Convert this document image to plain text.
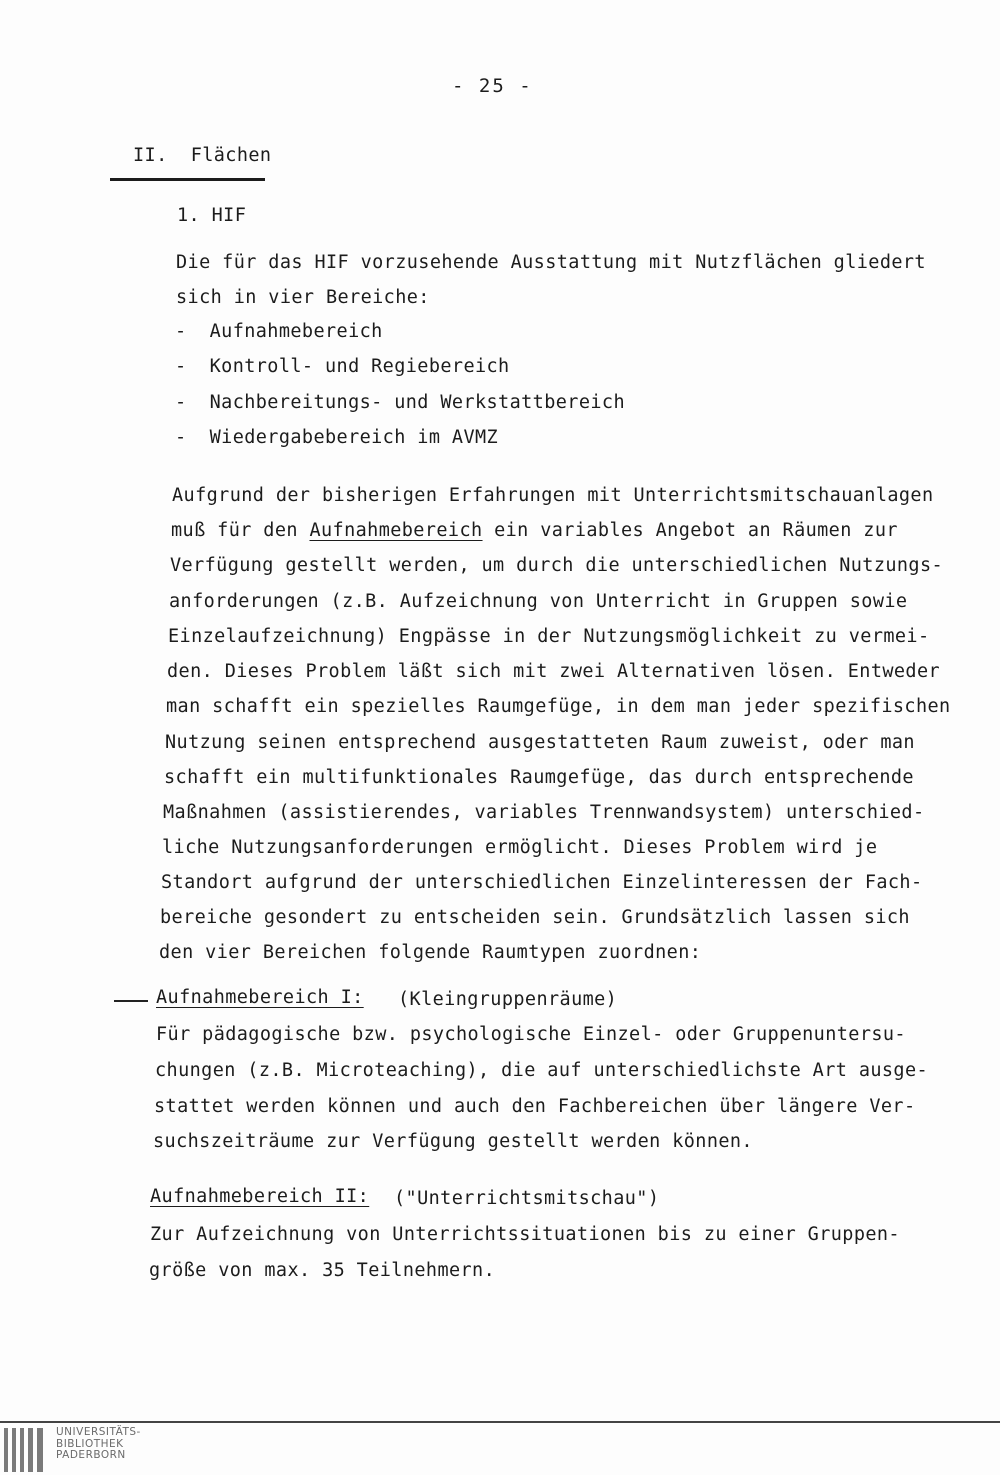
- 25 -
II.  Flächen
1. HIF
Die für das HIF vorzusehende Ausstattung mit Nutzflächen gliedert
sich in vier Bereiche:
-  Aufnahmebereich
-  Kontroll- und Regiebereich
-  Nachbereitungs- und Werkstattbereich
-  Wiedergabebereich im AVMZ
Aufgrund der bisherigen Erfahrungen mit Unterrichtsmitschauanlagen
muß für den Aufnahmebereich ein variables Angebot an Räumen zur
Verfügung gestellt werden, um durch die unterschiedlichen Nutzungs-
anforderungen (z.B. Aufzeichnung von Unterricht in Gruppen sowie
Einzelaufzeichnung) Engpässe in der Nutzungsmöglichkeit zu vermei-
den. Dieses Problem läßt sich mit zwei Alternativen lösen. Entweder
man schafft ein spezielles Raumgefüge, in dem man jeder spezifischen
Nutzung seinen entsprechend ausgestatteten Raum zuweist, oder man
schafft ein multifunktionales Raumgefüge, das durch entsprechende
Maßnahmen (assistierendes, variables Trennwandsystem) unterschied-
liche Nutzungsanforderungen ermöglicht. Dieses Problem wird je
Standort aufgrund der unterschiedlichen Einzelinteressen der Fach-
bereiche gesondert zu entscheiden sein. Grundsätzlich lassen sich
den vier Bereichen folgende Raumtypen zuordnen:
Aufnahmebereich I: (Kleingruppenräume)
Für pädagogische bzw. psychologische Einzel- oder Gruppenuntersu-
chungen (z.B. Microteaching), die auf unterschiedlichste Art ausge-
stattet werden können und auch den Fachbereichen über längere Ver-
suchszeiträume zur Verfügung gestellt werden können.
Aufnahmebereich II: ("Unterrichtsmitschau")
Zur Aufzeichnung von Unterrichtssituationen bis zu einer Gruppen-
größe von max. 35 Teilnehmern.
UNIVERSITÄTS-
BIBLIOTHEK
PADERBORN
